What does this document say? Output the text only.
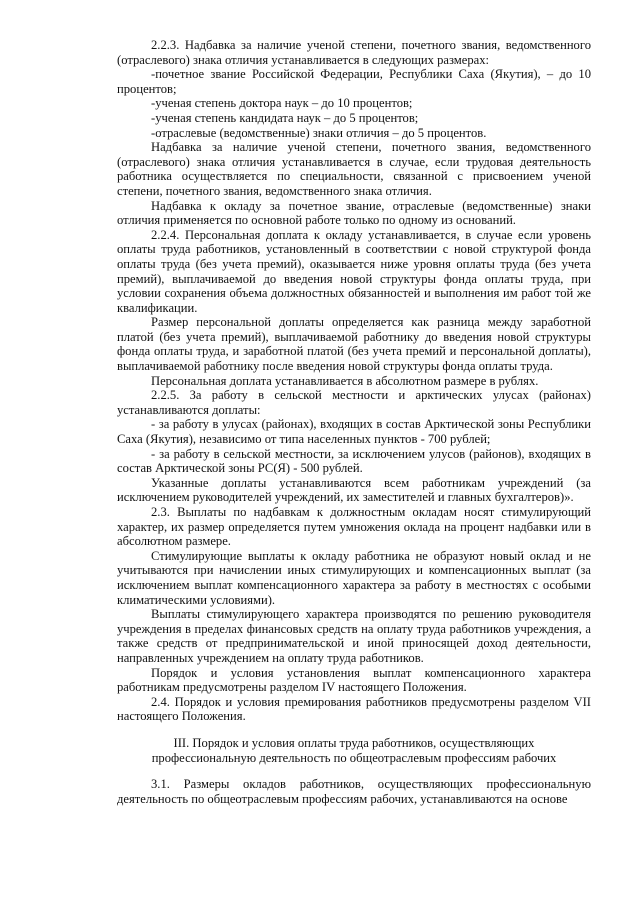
2.2.3. Надбавка за наличие ученой степени, почетного звания, ведомственного (отраслевого) знака отличия устанавливается в следующих размерах:

-почетное звание Российской Федерации, Республики Саха (Якутия), – до 10 процентов;

-ученая степень доктора наук – до 10 процентов;

-ученая степень кандидата наук – до 5 процентов;

-отраслевые (ведомственные) знаки отличия – до 5 процентов.

Надбавка за наличие ученой степени, почетного звания, ведомственного (отраслевого) знака отличия устанавливается в случае, если трудовая деятельность работника осуществляется по специальности, связанной с присвоением ученой степени, почетного звания, ведомственного знака отличия.

Надбавка к окладу за почетное звание, отраслевые (ведомственные) знаки отличия применяется по основной работе только по одному из оснований.

2.2.4. Персональная доплата к окладу устанавливается, в случае если уровень оплаты труда работников, установленный в соответствии с новой структурой фонда оплаты труда (без учета премий), оказывается ниже уровня оплаты труда (без учета премий), выплачиваемой до введения новой структуры фонда оплаты труда, при условии сохранения объема должностных обязанностей и выполнения им работ той же квалификации.

Размер персональной доплаты определяется как разница между заработной платой (без учета премий), выплачиваемой работнику до введения новой структуры фонда оплаты труда, и заработной платой (без учета премий и персональной доплаты), выплачиваемой работнику после введения новой структуры фонда оплаты труда.

Персональная доплата устанавливается в абсолютном размере в рублях.

2.2.5. За работу в сельской местности и арктических улусах (районах) устанавливаются доплаты:

- за работу в улусах (районах), входящих в состав Арктической зоны Республики Саха (Якутия), независимо от типа населенных пунктов - 700 рублей;

- за работу в сельской местности, за исключением улусов (районов), входящих в состав Арктической зоны РС(Я) - 500 рублей.

Указанные доплаты устанавливаются всем работникам учреждений (за исключением руководителей учреждений, их заместителей и главных бухгалтеров)».

2.3. Выплаты по надбавкам к должностным окладам носят стимулирующий характер, их размер определяется путем умножения оклада на процент надбавки или в абсолютном размере.

Стимулирующие выплаты к окладу работника не образуют новый оклад и не учитываются при начислении иных стимулирующих и компенсационных выплат (за исключением выплат компенсационного характера за работу в местностях с особыми климатическими условиями).

Выплаты стимулирующего характера производятся по решению руководителя учреждения в пределах финансовых средств на оплату труда работников учреждения, а также средств от предпринимательской и иной приносящей доход деятельности, направленных учреждением на оплату труда работников.

Порядок и условия установления выплат компенсационного характера работникам предусмотрены разделом IV настоящего Положения.

2.4. Порядок и условия премирования работников предусмотрены разделом VII настоящего Положения.

III. Порядок и условия оплаты труда работников, осуществляющих профессиональную деятельность по общеотраслевым профессиям рабочих

3.1. Размеры окладов работников, осуществляющих профессиональную деятельность по общеотраслевым профессиям рабочих, устанавливаются на основе
